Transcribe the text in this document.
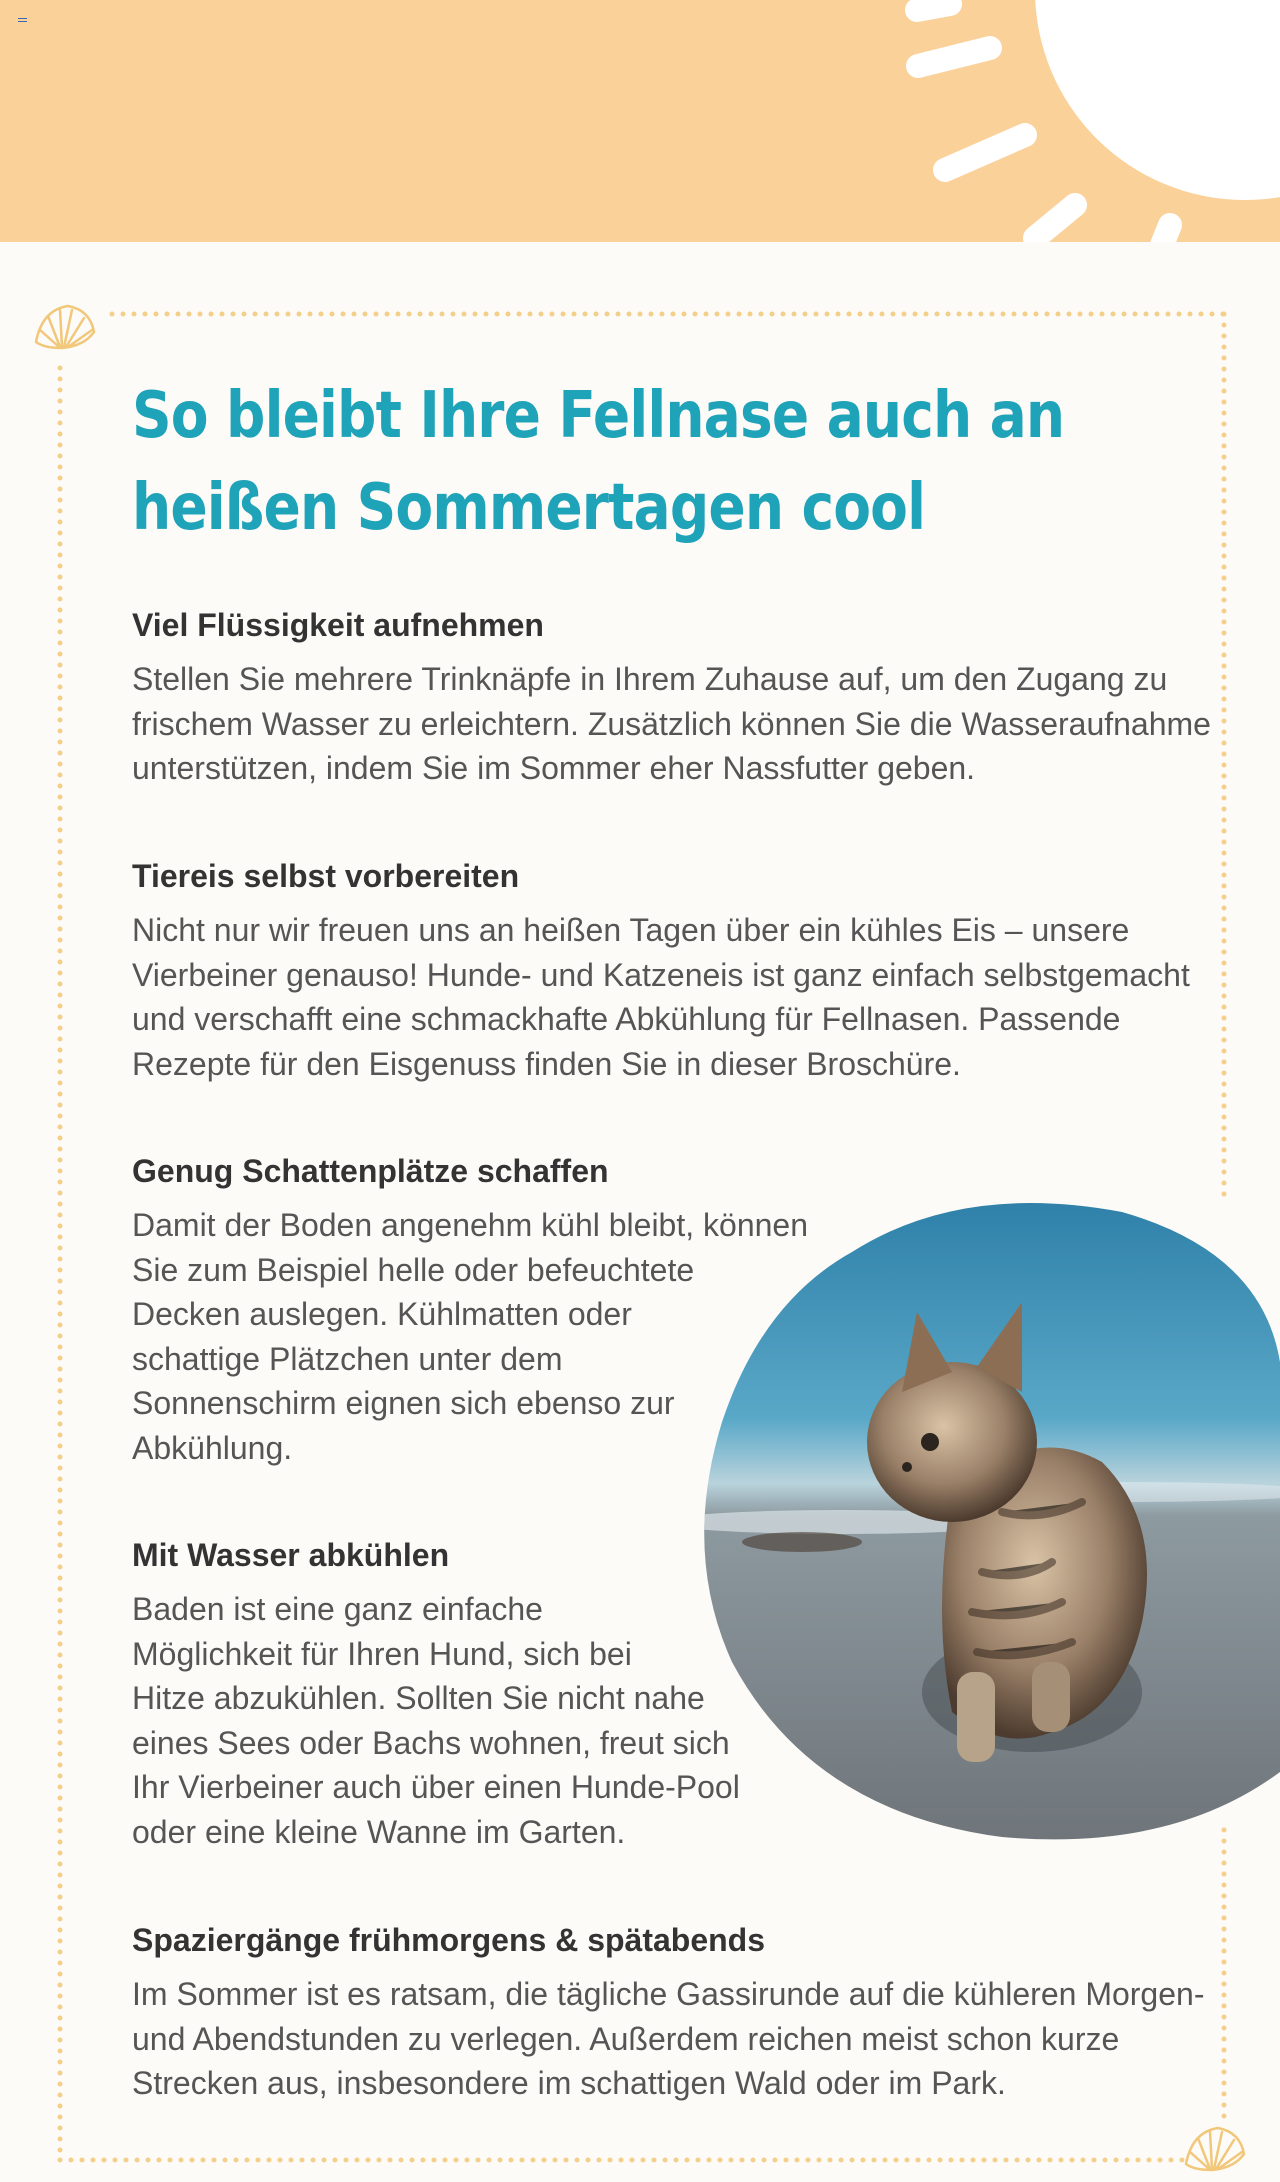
So bleibt Ihre Fellnase auch an
heißen Sommertagen cool

Viel Flüssigkeit aufnehmen

Stellen Sie mehrere Trinknäpfe in Ihrem Zuhause auf, um den Zugang zu
frischem Wasser zu erleichtern. Zusätzlich können Sie die Wasseraufnahme
unterstützen, indem Sie im Sommer eher Nassfutter geben.

Tiereis selbst vorbereiten

Nicht nur wir freuen uns an heißen Tagen über ein kühles Eis – unsere
Vierbeiner genauso! Hunde- und Katzeneis ist ganz einfach selbstgemacht
und verschafft eine schmackhafte Abkühlung für Fellnasen. Passende
Rezepte für den Eisgenuss finden Sie in dieser Broschüre.

Genug Schattenplätze schaffen

Damit der Boden angenehm kühl bleibt, können
Sie zum Beispiel helle oder befeuchtete
Decken auslegen. Kühlmatten oder
schattige Plätzchen unter dem
Sonnenschirm eignen sich ebenso zur
Abkühlung.

Mit Wasser abkühlen

Baden ist eine ganz einfache
Möglichkeit für Ihren Hund, sich bei
Hitze abzukühlen. Sollten Sie nicht nahe
eines Sees oder Bachs wohnen, freut sich
Ihr Vierbeiner auch über einen Hunde-Pool
oder eine kleine Wanne im Garten.

Spaziergänge frühmorgens & spätabends

Im Sommer ist es ratsam, die tägliche Gassirunde auf die kühleren Morgen-
und Abendstunden zu verlegen. Außerdem reichen meist schon kurze
Strecken aus, insbesondere im schattigen Wald oder im Park.
